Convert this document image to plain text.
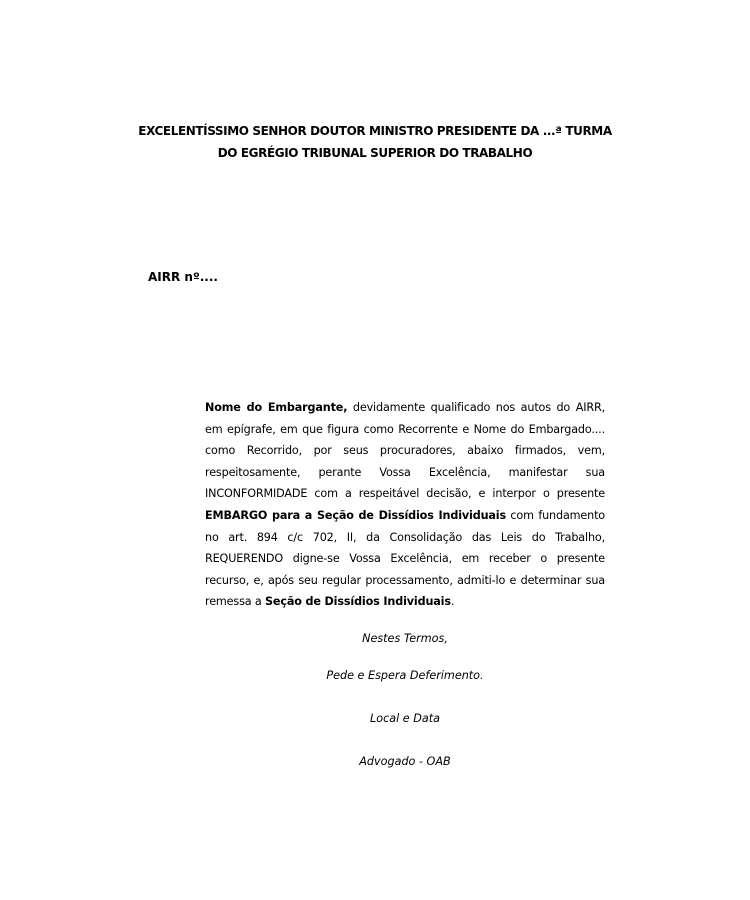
EXCELENTÍSSIMO SENHOR DOUTOR MINISTRO PRESIDENTE DA ...ª TURMA
DO EGRÉGIO TRIBUNAL SUPERIOR DO TRABALHO
AIRR nº....
Nome do Embargante, devidamente qualificado nos autos do AIRR, em epígrafe, em que figura como Recorrente e Nome do Embargado.... como Recorrido, por seus procuradores, abaixo firmados, vem, respeitosamente, perante Vossa Excelência, manifestar sua INCONFORMIDADE com a respeitável decisão, e interpor o presente EMBARGO para a Seção de Dissídios Individuais com fundamento no art. 894 c/c 702, II, da Consolidação das Leis do Trabalho, REQUERENDO digne-se Vossa Excelência, em receber o presente recurso, e, após seu regular processamento, admiti-lo e determinar sua remessa a Seção de Dissídios Individuais.
Nestes Termos,
Pede e Espera Deferimento.
Local e Data
Advogado - OAB
